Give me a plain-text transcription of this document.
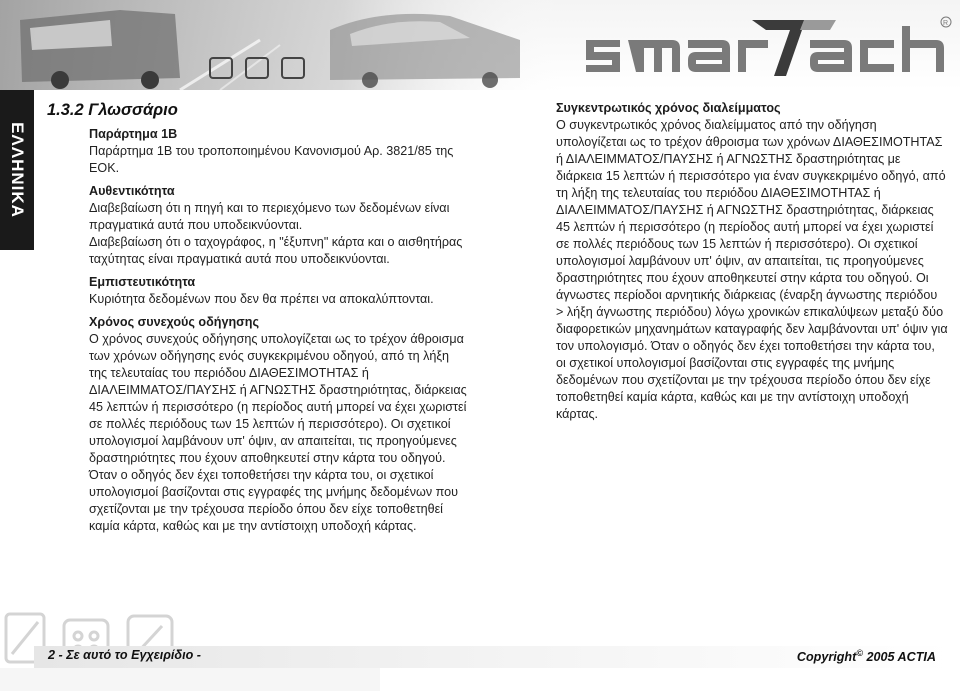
R
ΕΛΛΗΝΙΚΑ
1.3.2 Γλωσσάριο
Παράρτημα 1Β

Παράρτημα 1Β του τροποποιημένου Κανονισμού Αρ. 3821/85 της ΕΟΚ.

Αυθεντικότητα

Διαβεβαίωση ότι η πηγή και το περιεχόμενο των δεδομένων είναι πραγματικά αυτά που υποδεικνύονται.

Διαβεβαίωση ότι ο ταχογράφος, η "έξυπνη" κάρτα και ο αισθητήρας ταχύτητας είναι πραγματικά αυτά που υποδεικνύονται.

Εμπιστευτικότητα

Κυριότητα δεδομένων που δεν θα πρέπει να αποκαλύπτονται.

Χρόνος συνεχούς οδήγησης

Ο χρόνος συνεχούς οδήγησης υπολογίζεται ως το τρέχον άθροισμα των χρόνων οδήγησης ενός συγκεκριμένου οδηγού, από τη λήξη της τελευταίας του περιόδου ΔΙΑΘΕΣΙΜΟΤΗΤΑΣ ή ΔΙΑΛΕΙΜΜΑΤΟΣ/ΠΑΥΣΗΣ ή ΑΓΝΩΣΤΗΣ δραστηριότητας, διάρκειας 45 λεπτών ή περισσότερο (η περίοδος αυτή μπορεί να έχει χωριστεί σε πολλές περιόδους των 15 λεπτών ή περισσότερο). Οι σχετικοί υπολογισμοί λαμβάνουν υπ' όψιν, αν απαιτείται, τις προηγούμενες δραστηριότητες που έχουν αποθηκευτεί στην κάρτα του οδηγού. Όταν ο οδηγός δεν έχει τοποθετήσει την κάρτα του, οι σχετικοί υπολογισμοί βασίζονται στις εγγραφές της μνήμης δεδομένων που σχετίζονται με την τρέχουσα περίοδο όπου δεν είχε τοποθετηθεί καμία κάρτα, καθώς και με την αντίστοιχη υποδοχή κάρτας.

Συγκεντρωτικός χρόνος διαλείμματος

Ο συγκεντρωτικός χρόνος διαλείμματος από την οδήγηση υπολογίζεται ως το τρέχον άθροισμα των χρόνων ΔΙΑΘΕΣΙΜΟΤΗΤΑΣ ή ΔΙΑΛΕΙΜΜΑΤΟΣ/ΠΑΥΣΗΣ ή ΑΓΝΩΣΤΗΣ δραστηριότητας με διάρκεια 15 λεπτών ή περισσότερο για έναν συγκεκριμένο οδηγό, από τη λήξη της τελευταίας του περιόδου ΔΙΑΘΕΣΙΜΟΤΗΤΑΣ ή ΔΙΑΛΕΙΜΜΑΤΟΣ/ΠΑΥΣΗΣ ή ΑΓΝΩΣΤΗΣ δραστηριότητας, διάρκειας 45 λεπτών ή περισσότερο (η περίοδος αυτή μπορεί να έχει χωριστεί σε πολλές περιόδους των 15 λεπτών ή περισσότερο). Οι σχετικοί υπολογισμοί λαμβάνουν υπ' όψιν, αν απαιτείται, τις προηγούμενες δραστηριότητες που έχουν αποθηκευτεί στην κάρτα του οδηγού. Οι άγνωστες περίοδοι αρνητικής διάρκειας (έναρξη άγνωστης περιόδου > λήξη άγνωστης περιόδου) λόγω χρονικών επικαλύψεων μεταξύ δύο διαφορετικών μηχανημάτων καταγραφής δεν λαμβάνονται υπ' όψιν για τον υπολογισμό. Όταν ο οδηγός δεν έχει τοποθετήσει την κάρτα του, οι σχετικοί υπολογισμοί βασίζονται στις εγγραφές της μνήμης δεδομένων που σχετίζονται με την τρέχουσα περίοδο όπου δεν είχε τοποθετηθεί καμία κάρτα, καθώς και με την αντίστοιχη υποδοχή κάρτας.

2 - Σε αυτό το Εγχειρίδιο -	Copyright© 2005 ACTIA
